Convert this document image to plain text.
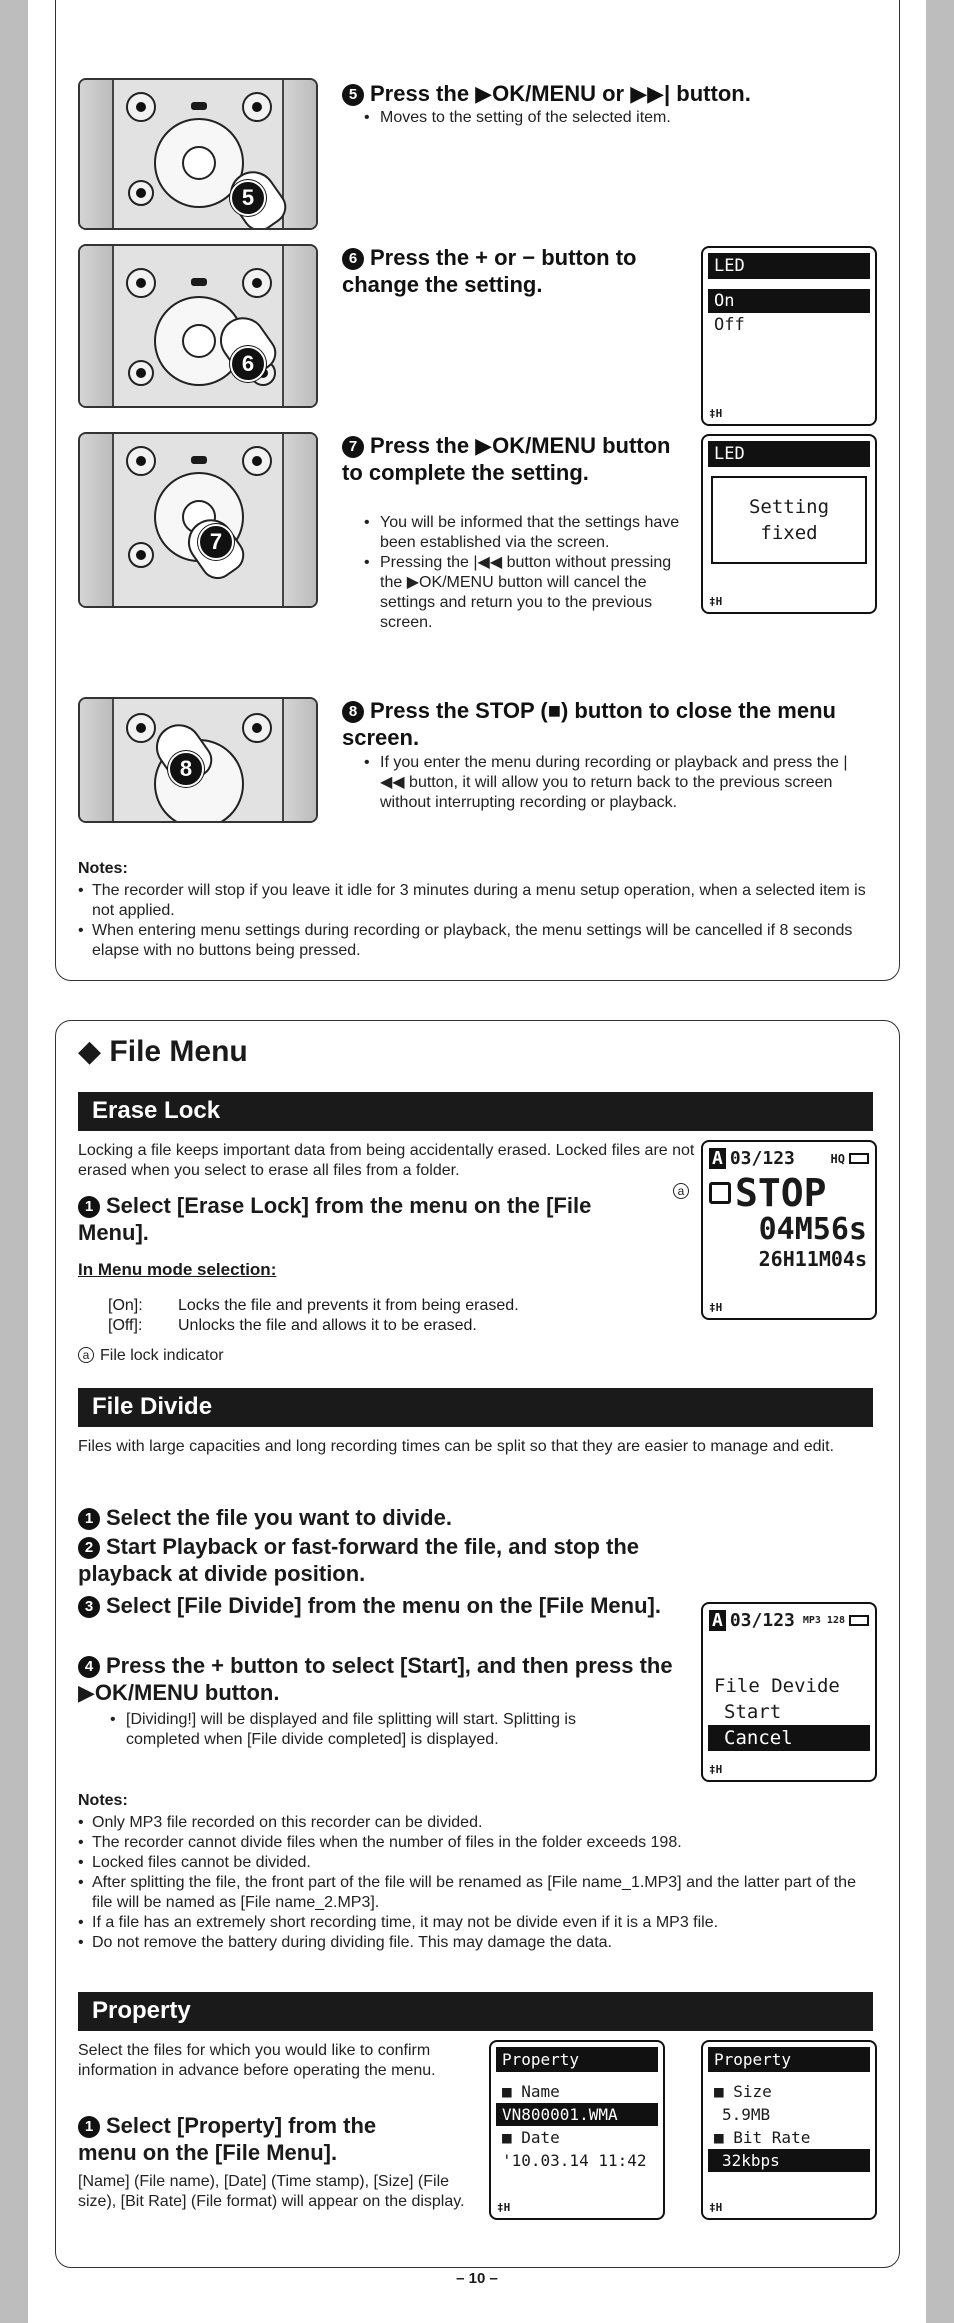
5
5 Press the ▶OK/MENU or ▶▶| button.
• Moves to the setting of the selected item.
6
6 Press the + or − button to change the setting.
LED
On
Off
‡H
7
7 Press the ▶OK/MENU button to complete the setting.
• You will be informed that the settings have been established via the screen.
• Pressing the |◀◀ button without pressing the ▶OK/MENU button will cancel the settings and return you to the previous screen.
LED
Setting
fixed
‡H
8
8 Press the STOP (■) button to close the menu screen.
• If you enter the menu during recording or playback and press the |◀◀ button, it will allow you to return back to the previous screen without interrupting recording or playback.
Notes:
• The recorder will stop if you leave it idle for 3 minutes during a menu setup operation, when a selected item is not applied.
• When entering menu settings during recording or playback, the menu settings will be cancelled if 8 seconds elapse with no buttons being pressed.
◆ File Menu
Erase Lock
Locking a file keeps important data from being accidentally erased. Locked files are not erased when you select to erase all files from a folder.
1 Select [Erase Lock] from the menu on the [File Menu].
In Menu mode selection:
[On]:	Locks the file and prevents it from being erased.
[Off]:	Unlocks the file and allows it to be erased.
a File lock indicator
a
A 03/123	HQ
STOP
04M56s
26H11M04s
‡H
File Divide
Files with large capacities and long recording times can be split so that they are easier to manage and edit.
1 Select the file you want to divide.
2 Start Playback or fast-forward the file, and stop the playback at divide position.
3 Select [File Divide] from the menu on the [File Menu].
4 Press the + button to select [Start], and then press the ▶OK/MENU button.
• [Dividing!] will be displayed and file splitting will start. Splitting is completed when [File divide completed] is displayed.
A 03/123 MP3 128
File Devide
Start
Cancel
‡H
Notes:
• Only MP3 file recorded on this recorder can be divided.
• The recorder cannot divide files when the number of files in the folder exceeds 198.
• Locked files cannot be divided.
• After splitting the file, the front part of the file will be renamed as [File name_1.MP3] and the latter part of the file will be named as [File name_2.MP3].
• If a file has an extremely short recording time, it may not be divide even if it is a MP3 file.
• Do not remove the battery during dividing file. This may damage the data.
Property
Select the files for which you would like to confirm information in advance before operating the menu.
1 Select [Property] from the menu on the [File Menu].
[Name] (File name), [Date] (Time stamp), [Size] (File size), [Bit Rate] (File format) will appear on the display.
Property
■ Name
VN800001.WMA
■ Date
'10.03.14 11:42
‡H
Property
■ Size
5.9MB
■ Bit Rate
32kbps
‡H
– 10 –
